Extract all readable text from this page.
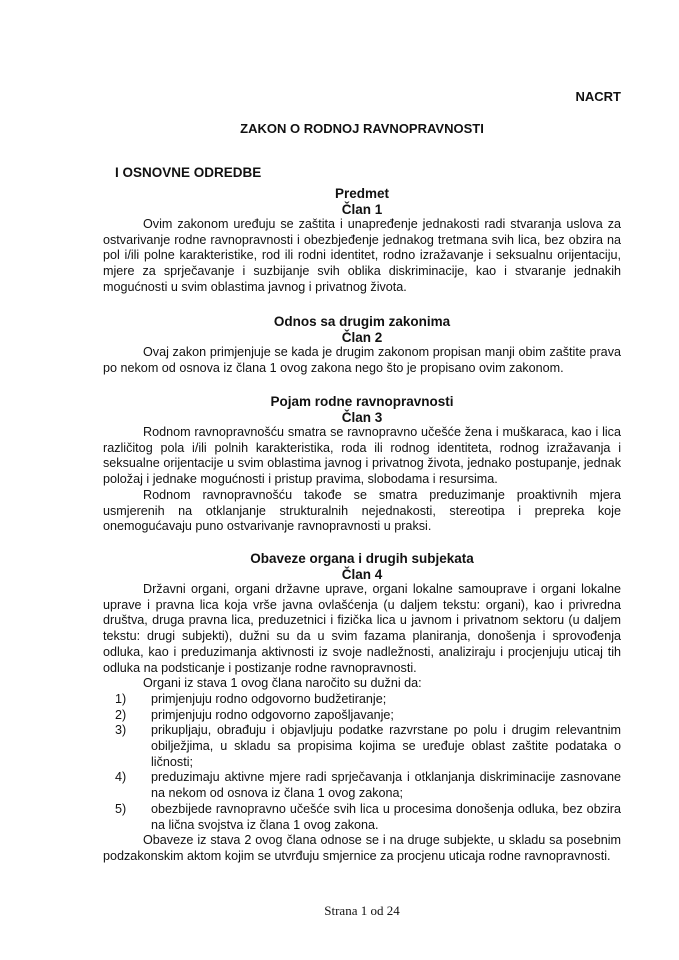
NACRT
ZAKON O RODNOJ RAVNOPRAVNOSTI
I OSNOVNE ODREDBE
Predmet
Član 1

Ovim zakonom uređuju se zaštita i unapređenje jednakosti radi stvaranja uslova za ostvarivanje rodne ravnopravnosti i obezbjeđenje jednakog tretmana svih lica, bez obzira na pol i/ili polne karakteristike, rod ili rodni identitet, rodno izražavanje i seksualnu orijentaciju, mjere za sprječavanje i suzbijanje svih oblika diskriminacije, kao i stvaranje jednakih mogućnosti u svim oblastima javnog i privatnog života.

Odnos sa drugim zakonima
Član 2

Ovaj zakon primjenjuje se kada je drugim zakonom propisan manji obim zaštite prava po nekom od osnova iz člana 1 ovog zakona nego što je propisano ovim zakonom.

Pojam rodne ravnopravnosti
Član 3

Rodnom ravnopravnošću smatra se ravnopravno učešće žena i muškaraca, kao i lica različitog pola i/ili polnih karakteristika, roda ili rodnog identiteta, rodnog izražavanja i seksualne orijentacije u svim oblastima javnog i privatnog života, jednako postupanje, jednak položaj i jednake mogućnosti i pristup pravima, slobodama i resursima.

Rodnom ravnopravnošću takođe se smatra preduzimanje proaktivnih mjera usmjerenih na otklanjanje strukturalnih nejednakosti, stereotipa i prepreka koje onemogućavaju puno ostvarivanje ravnopravnosti u praksi.

Obaveze organa i drugih subjekata
Član 4

Državni organi, organi državne uprave, organi lokalne samouprave i organi lokalne uprave i pravna lica koja vrše javna ovlašćenja (u daljem tekstu: organi), kao i privredna društva, druga pravna lica, preduzetnici i fizička lica u javnom i privatnom sektoru (u daljem tekstu: drugi subjekti), dužni su da u svim fazama planiranja, donošenja i sprovođenja odluka, kao i preduzimanja aktivnosti iz svoje nadležnosti, analiziraju i procjenjuju uticaj tih odluka na podsticanje i postizanje rodne ravnopravnosti.

Organi iz stava 1 ovog člana naročito su dužni da:

1) primjenjuju rodno odgovorno budžetiranje;
2) primjenjuju rodno odgovorno zapošljavanje;
3) prikupljaju, obrađuju i objavljuju podatke razvrstane po polu i drugim relevantnim obilježjima, u skladu sa propisima kojima se uređuje oblast zaštite podataka o ličnosti;
4) preduzimaju aktivne mjere radi sprječavanja i otklanjanja diskriminacije zasnovane na nekom od osnova iz člana 1 ovog zakona;
5) obezbijede ravnopravno učešće svih lica u procesima donošenja odluka, bez obzira na lična svojstva iz člana 1 ovog zakona.

Obaveze iz stava 2 ovog člana odnose se i na druge subjekte, u skladu sa posebnim podzakonskim aktom kojim se utvrđuju smjernice za procjenu uticaja rodne ravnopravnosti.

Strana 1 od 24
